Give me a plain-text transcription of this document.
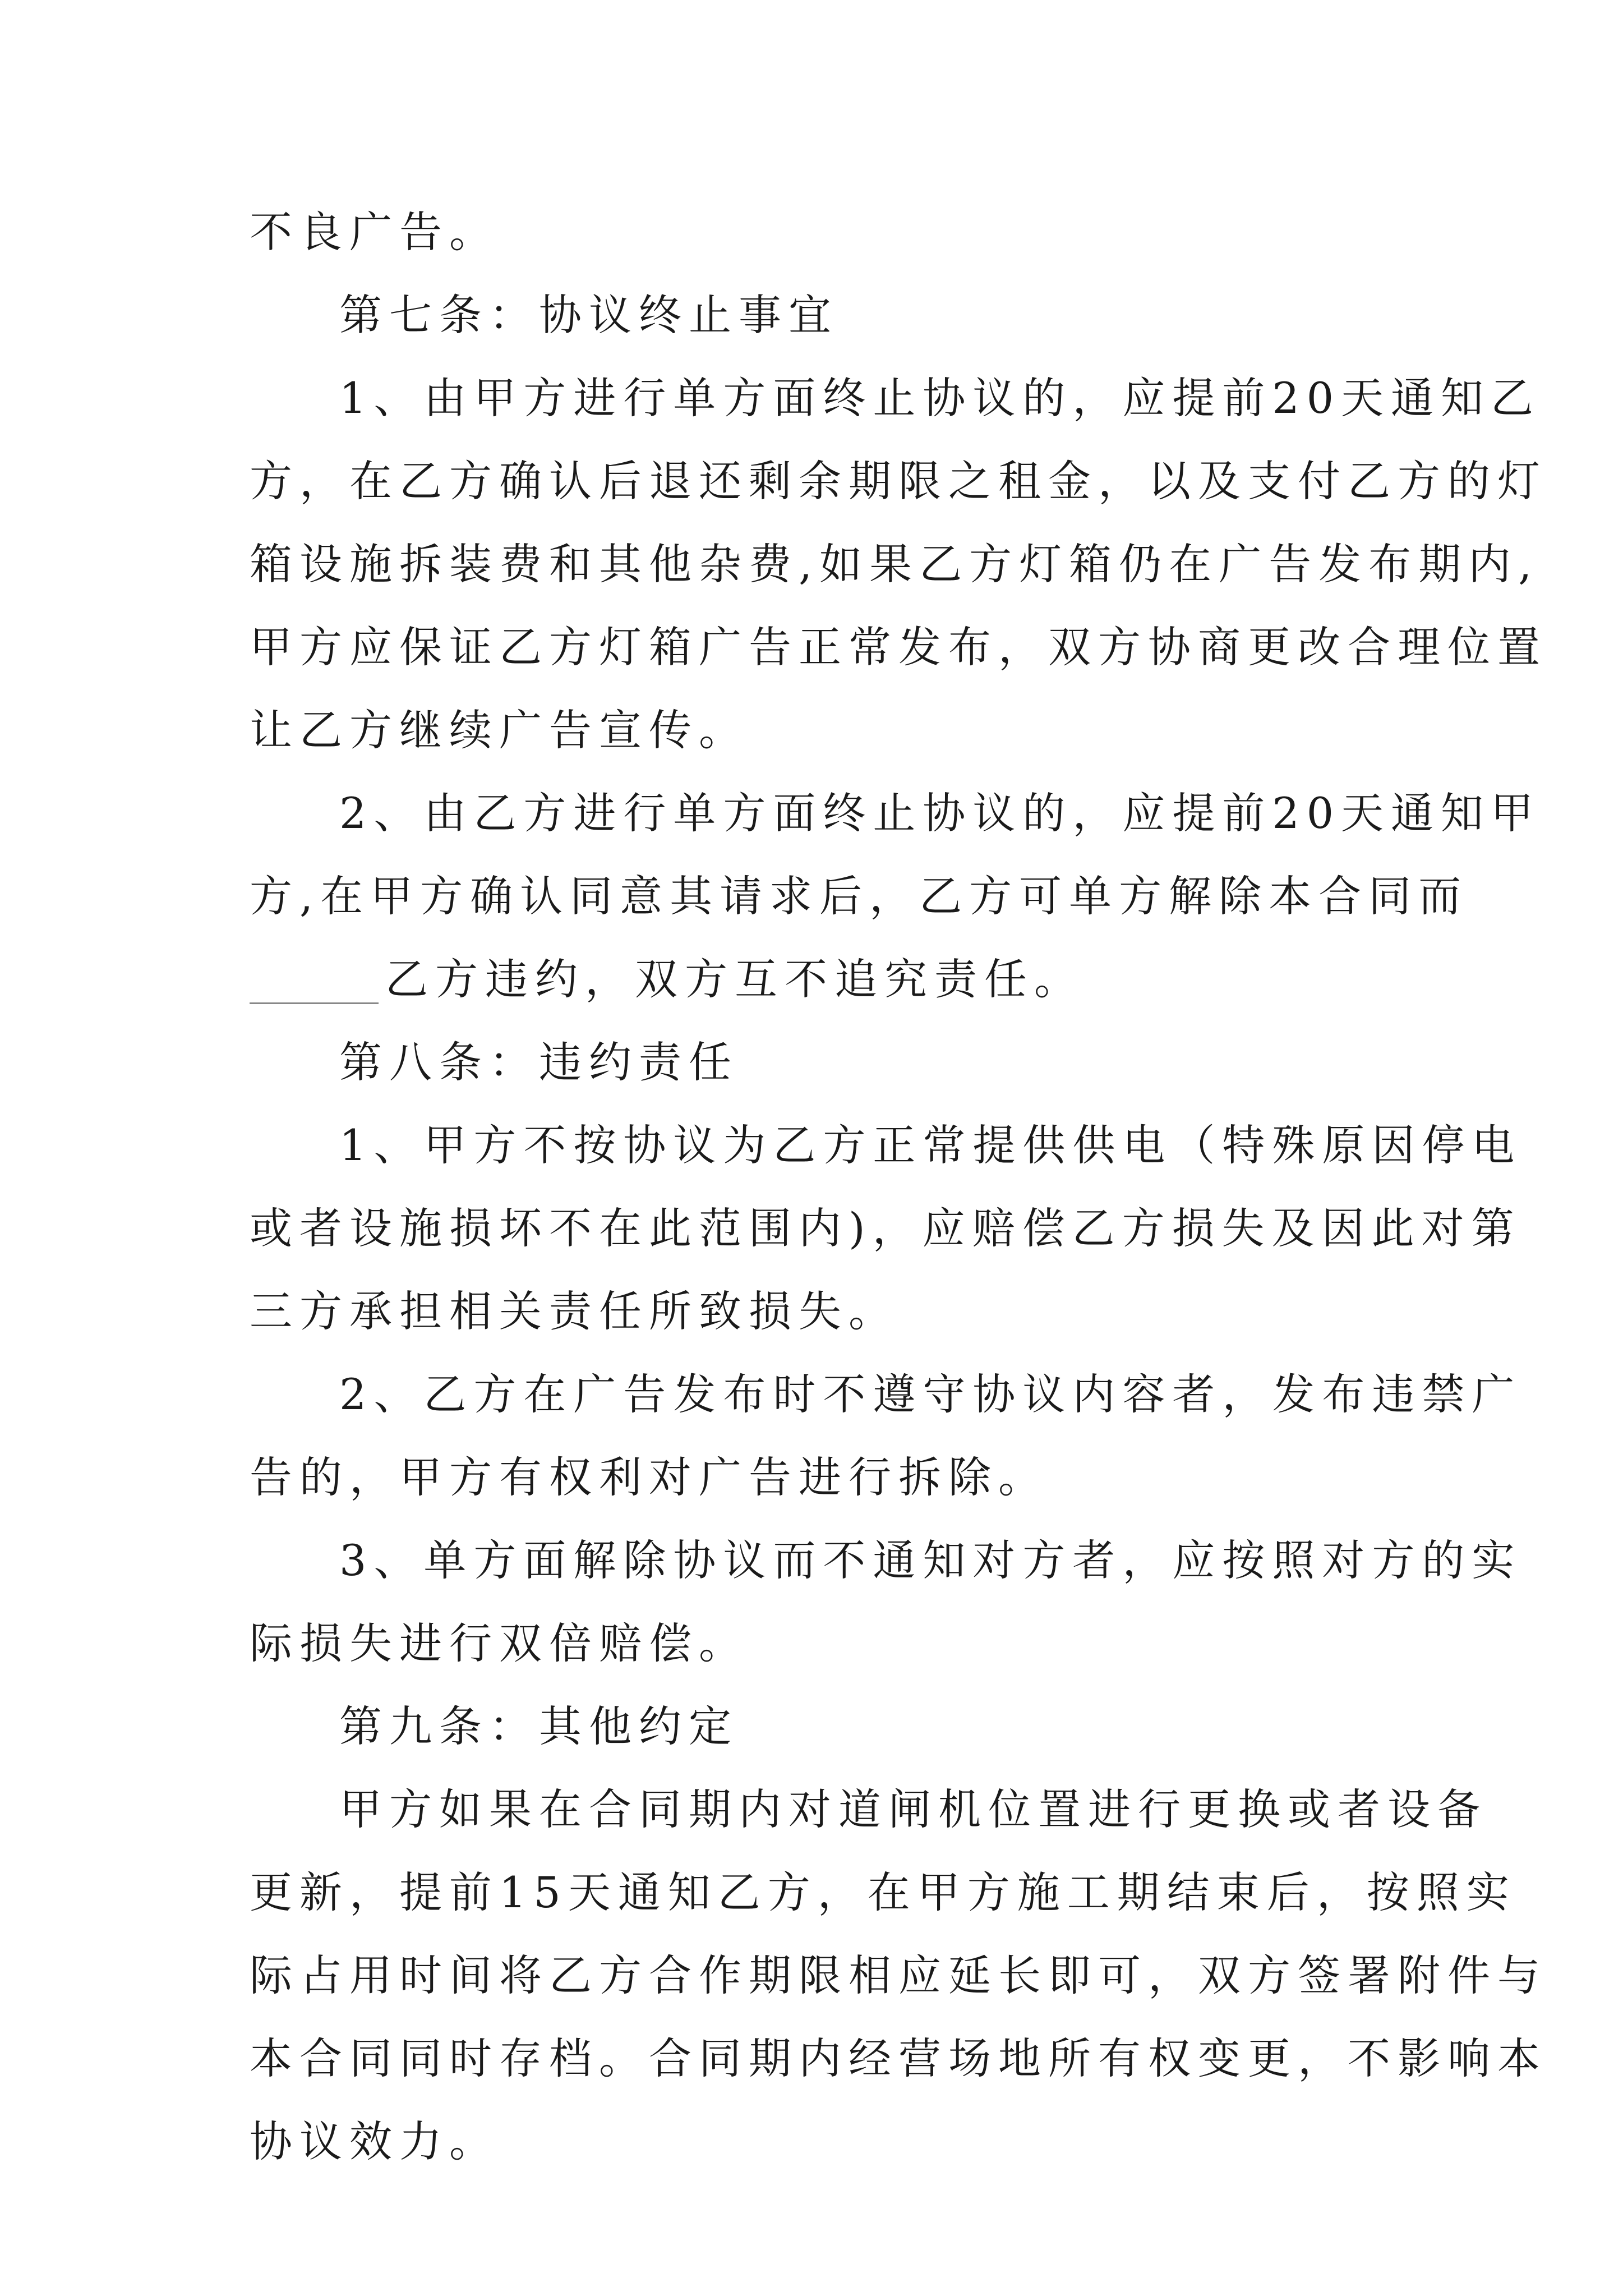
不良广告。
第七条：协议终止事宜
1、由甲方进行单方面终止协议的，应提前20天通知乙
方，在乙方确认后退还剩余期限之租金，以及支付乙方的灯
箱设施拆装费和其他杂费,如果乙方灯箱仍在广告发布期内,
甲方应保证乙方灯箱广告正常发布，双方协商更改合理位置
让乙方继续广告宣传。
2、由乙方进行单方面终止协议的，应提前20天通知甲
方,在甲方确认同意其请求后，乙方可单方解除本合同而
乙方违约，双方互不追究责任。
第八条：违约责任
1、甲方不按协议为乙方正常提供供电（特殊原因停电
或者设施损坏不在此范围内)，应赔偿乙方损失及因此对第
三方承担相关责任所致损失。
2、乙方在广告发布时不遵守协议内容者，发布违禁广
告的，甲方有权利对广告进行拆除。
3、单方面解除协议而不通知对方者，应按照对方的实
际损失进行双倍赔偿。
第九条：其他约定
甲方如果在合同期内对道闸机位置进行更换或者设备
更新，提前15天通知乙方，在甲方施工期结束后，按照实
际占用时间将乙方合作期限相应延长即可，双方签署附件与
本合同同时存档。合同期内经营场地所有权变更，不影响本
协议效力。
